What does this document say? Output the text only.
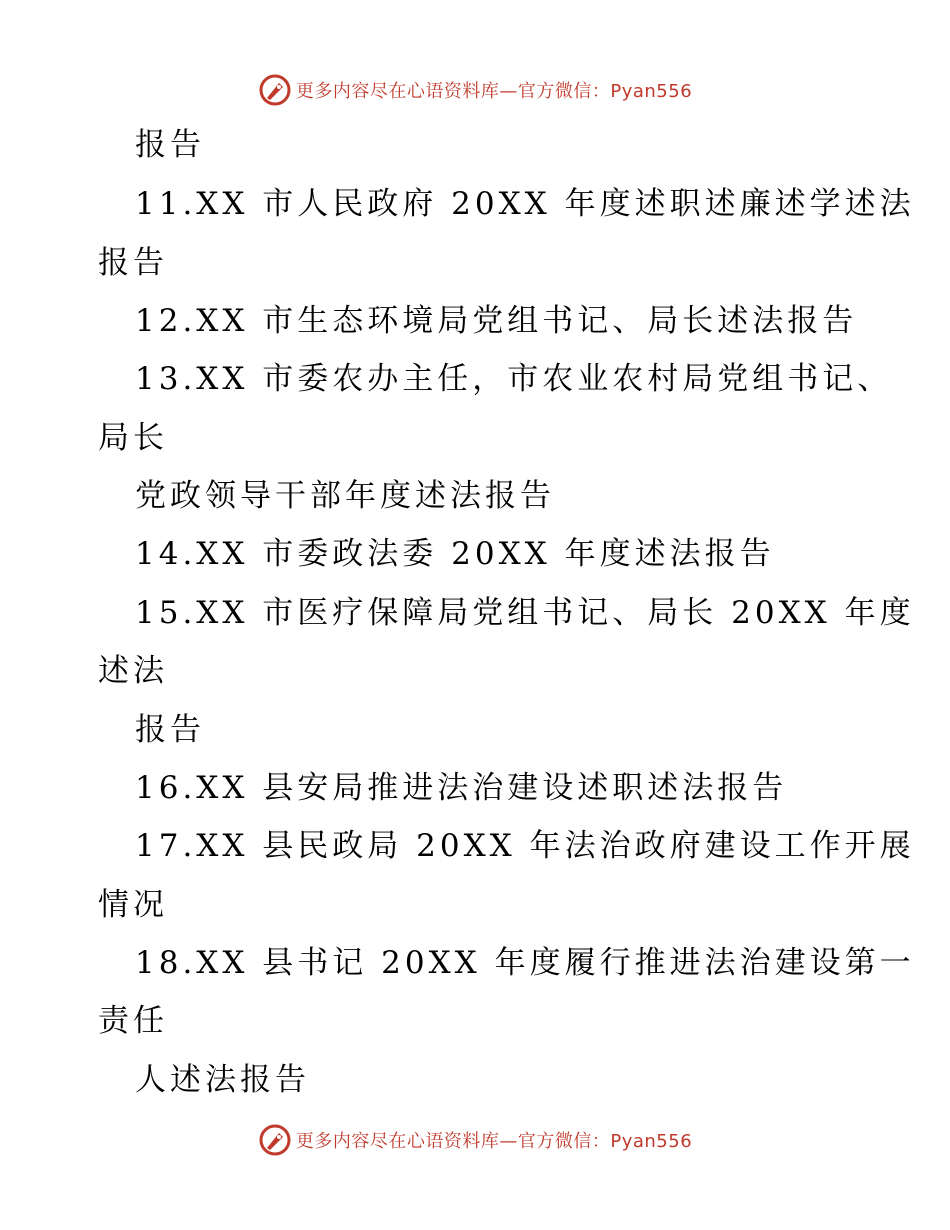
更多内容尽在心语资料库—官方微信：Pyan556
报告
11.XX 市人民政府 20XX 年度述职述廉述学述法
报告
12.XX 市生态环境局党组书记、局长述法报告
13.XX 市委农办主任，市农业农村局党组书记、
局长
党政领导干部年度述法报告
14.XX 市委政法委 20XX 年度述法报告
15.XX 市医疗保障局党组书记、局长 20XX 年度
述法
报告
16.XX 县安局推进法治建设述职述法报告
17.XX 县民政局 20XX 年法治政府建设工作开展
情况
18.XX 县书记 20XX 年度履行推进法治建设第一
责任
人述法报告
更多内容尽在心语资料库—官方微信：Pyan556
